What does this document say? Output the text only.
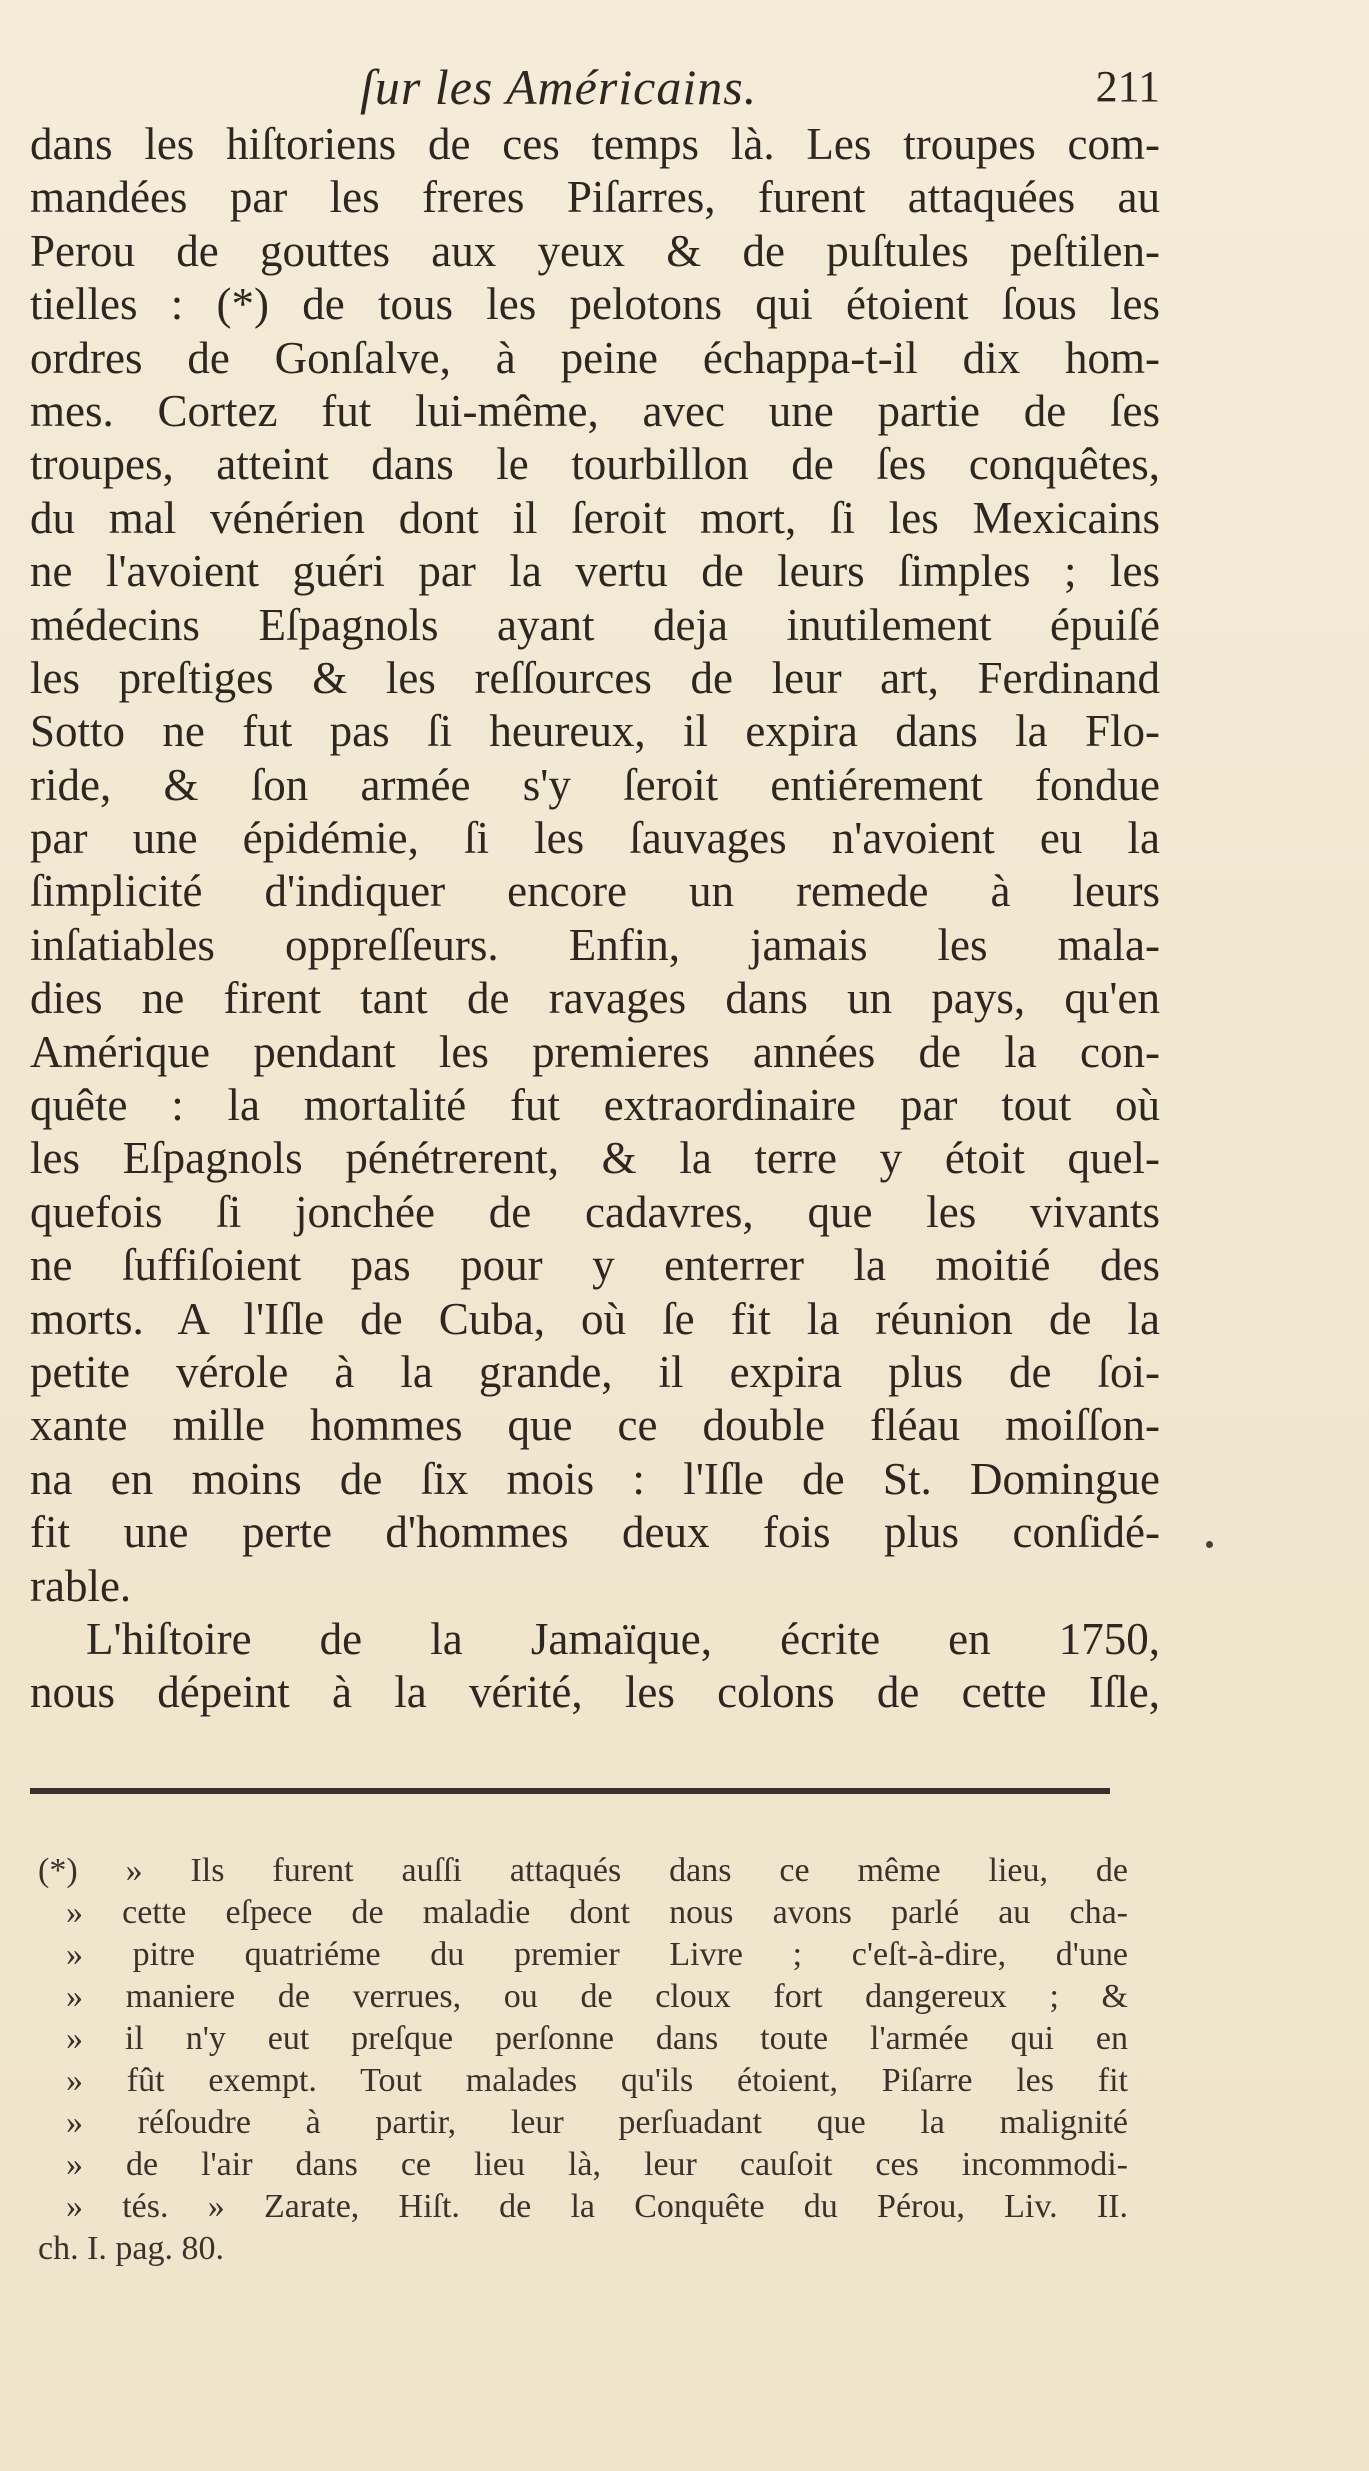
ſur les Américains.	211
dans les hiſtoriens de ces temps là. Les troupes com-
mandées par les freres Piſarres, furent attaquées au
Perou de gouttes aux yeux & de puſtules peſtilen-
tielles : (*) de tous les pelotons qui étoient ſous les
ordres de Gonſalve, à peine échappa-t-il dix hom-
mes. Cortez fut lui-même, avec une partie de ſes
troupes, atteint dans le tourbillon de ſes conquêtes,
du mal vénérien dont il ſeroit mort, ſi les Mexicains
ne l'avoient guéri par la vertu de leurs ſimples ; les
médecins Eſpagnols ayant deja inutilement épuiſé
les preſtiges & les reſſources de leur art, Ferdinand
Sotto ne fut pas ſi heureux, il expira dans la Flo-
ride, & ſon armée s'y ſeroit entiérement fondue
par une épidémie, ſi les ſauvages n'avoient eu la
ſimplicité d'indiquer encore un remede à leurs
inſatiables oppreſſeurs. Enfin, jamais les mala-
dies ne firent tant de ravages dans un pays, qu'en
Amérique pendant les premieres années de la con-
quête : la mortalité fut extraordinaire par tout où
les Eſpagnols pénétrerent, & la terre y étoit quel-
quefois ſi jonchée de cadavres, que les vivants
ne ſuffiſoient pas pour y enterrer la moitié des
morts. A l'Iſle de Cuba, où ſe fit la réunion de la
petite vérole à la grande, il expira plus de ſoi-
xante mille hommes que ce double fléau moiſſon-
na en moins de ſix mois : l'Iſle de St. Domingue
fit une perte d'hommes deux fois plus conſidé-
rable.
L'hiſtoire de la Jamaïque, écrite en 1750,
nous dépeint à la vérité, les colons de cette Iſle,
(*) » Ils furent auſſi attaqués dans ce même lieu, de
» cette eſpece de maladie dont nous avons parlé au cha-
» pitre quatriéme du premier Livre ; c'eſt-à-dire, d'une
» maniere de verrues, ou de cloux fort dangereux ; &
» il n'y eut preſque perſonne dans toute l'armée qui en
» fût exempt. Tout malades qu'ils étoient, Piſarre les fit
» réſoudre à partir, leur perſuadant que la malignité
» de l'air dans ce lieu là, leur cauſoit ces incommodi-
» tés. » Zarate, Hiſt. de la Conquête du Pérou, Liv. II.
ch. I. pag. 80.
